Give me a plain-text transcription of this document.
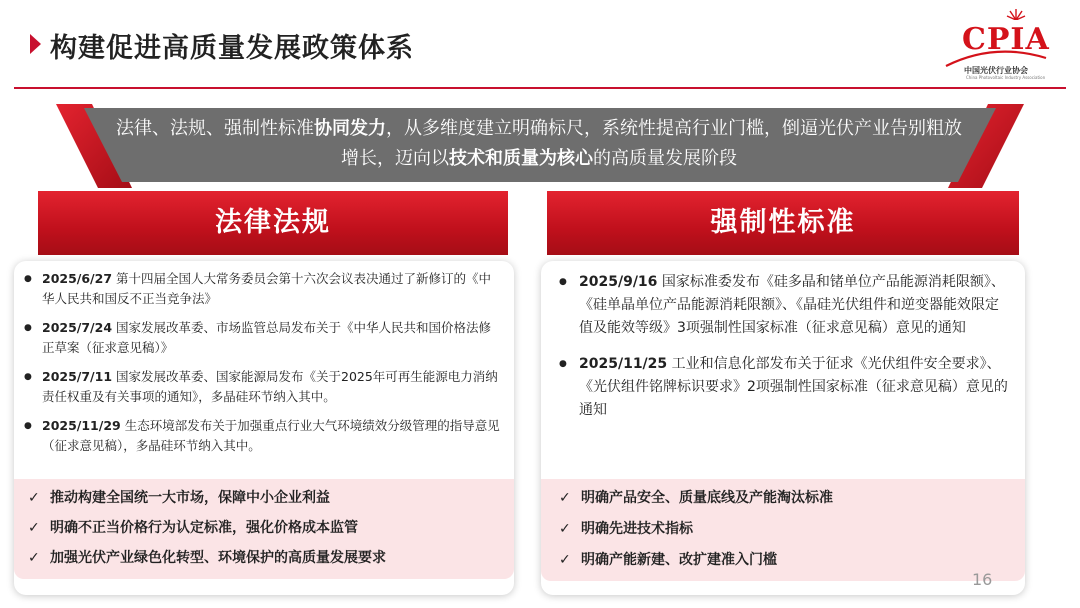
构建促进高质量发展政策体系	CPIA
中国光伏行业协会
China Photovoltaic Industry Association
法律、法规、强制性标准协同发力，从多维度建立明确标尺，系统性提高行业门槛，倒逼光伏产业告别粗放
增长，迈向以技术和质量为核心的高质量发展阶段
● 2025/6/27 第十四届全国人大常务委员会第十六次会议表决通过了新修订的《中华人民共和国反不正当竞争法》
● 2025/7/24 国家发展改革委、市场监管总局发布关于《中华人民共和国价格法修正草案（征求意见稿）》
● 2025/7/11 国家发展改革委、国家能源局发布《关于2025年可再生能源电力消纳责任权重及有关事项的通知》，多晶硅环节纳入其中。
● 2025/11/29 生态环境部发布关于加强重点行业大气环境绩效分级管理的指导意见（征求意见稿），多晶硅环节纳入其中。
✓ 推动构建全国统一大市场，保障中小企业利益
✓ 明确不正当价格行为认定标准，强化价格成本监管
✓ 加强光伏产业绿色化转型、环境保护的高质量发展要求
法律法规
● 2025/9/16 国家标准委发布《硅多晶和锗单位产品能源消耗限额》、《硅单晶单位产品能源消耗限额》、《晶硅光伏组件和逆变器能效限定值及能效等级》3项强制性国家标准（征求意见稿）意见的通知
● 2025/11/25 工业和信息化部发布关于征求《光伏组件安全要求》、《光伏组件铭牌标识要求》2项强制性国家标准（征求意见稿）意见的通知
✓ 明确产品安全、质量底线及产能淘汰标准
✓ 明确先进技术指标
✓ 明确产能新建、改扩建准入门槛
强制性标准
16
